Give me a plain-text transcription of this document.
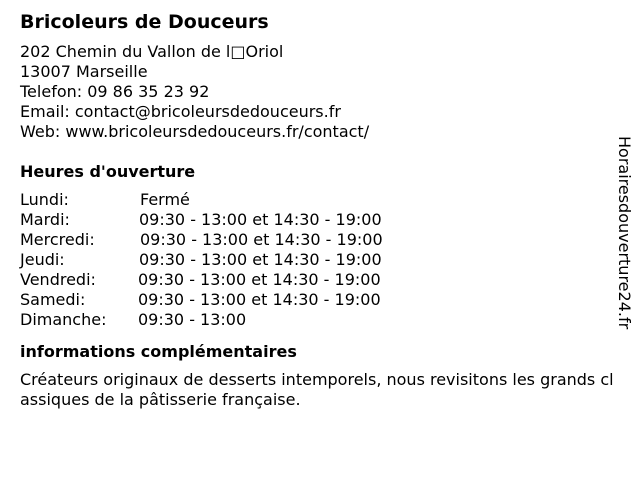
Bricoleurs de Douceurs
202 Chemin du Vallon de l□Oriol
13007 Marseille
Telefon: 09 86 35 23 92
Email: contact@bricoleursdedouceurs.fr
Web: www.bricoleursdedouceurs.fr/contact/
Heures d'ouverture
Lundi:	Fermé
Mardi:	09:30 - 13:00 et 14:30 - 19:00
Mercredi:	09:30 - 13:00 et 14:30 - 19:00
Jeudi:	09:30 - 13:00 et 14:30 - 19:00
Vendredi:	09:30 - 13:00 et 14:30 - 19:00
Samedi:	09:30 - 13:00 et 14:30 - 19:00
Dimanche: 09:30 - 13:00
informations complémentaires

Créateurs originaux de desserts intemporels, nous revisitons les grands classiques de la pâtisserie française.

Horairesdouverture24.fr
